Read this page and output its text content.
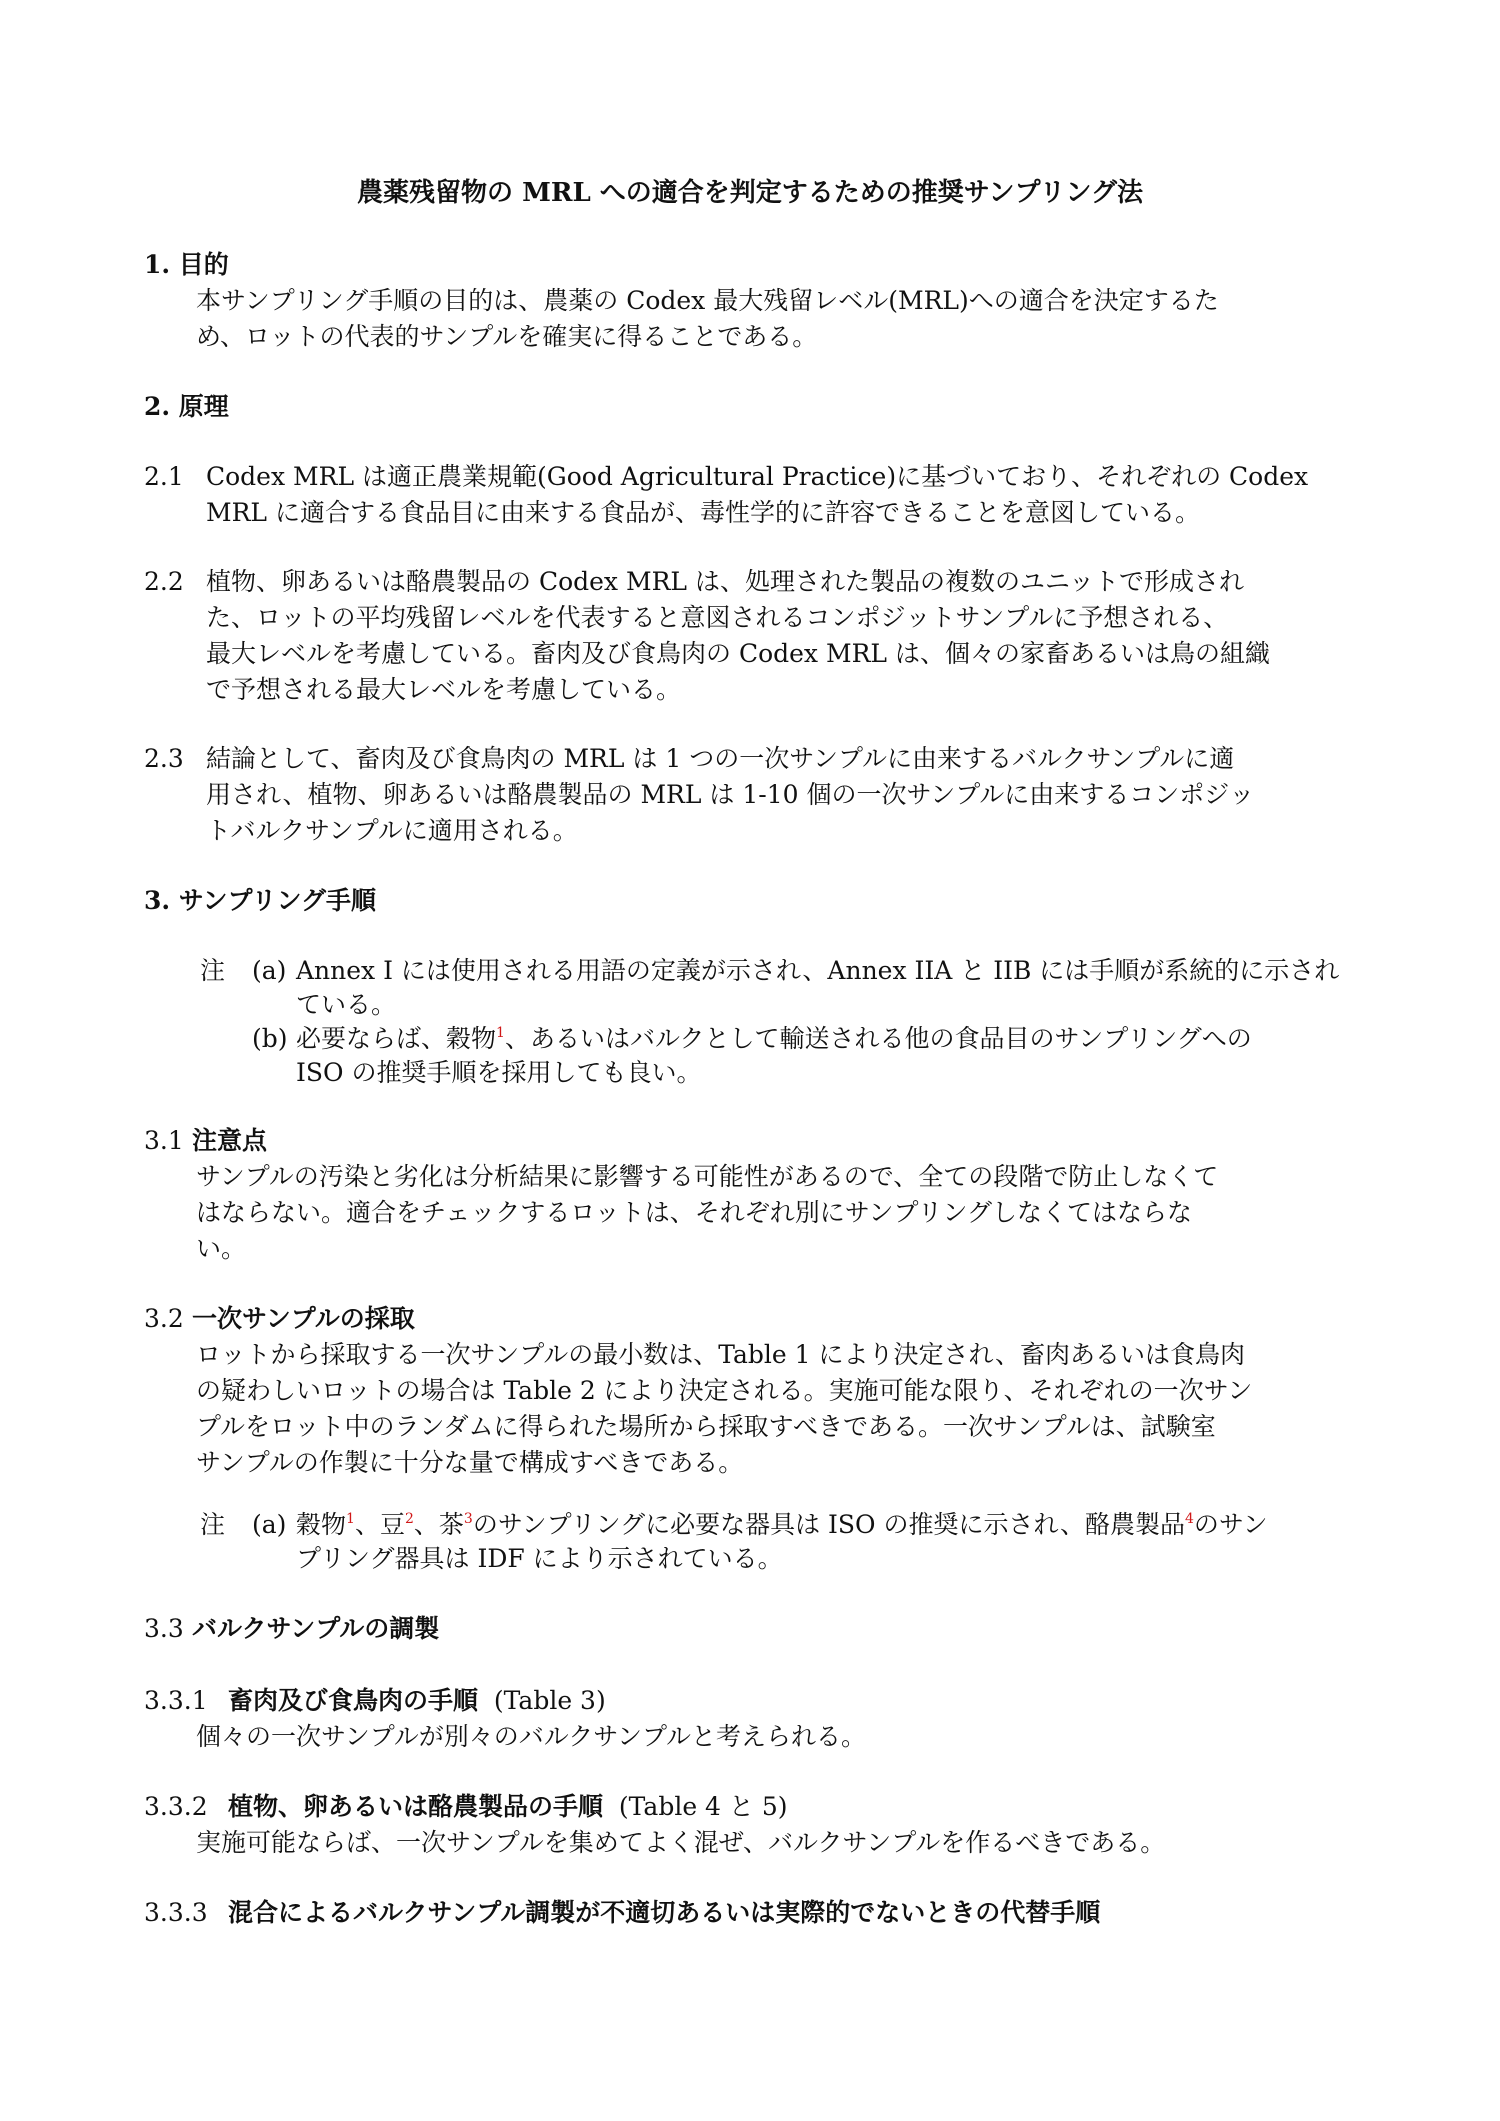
農薬残留物の MRL への適合を判定するための推奨サンプリング法
1. 目的
本サンプリング手順の目的は、農薬の Codex 最大残留レベル(MRL)への適合を決定するた
め、ロットの代表的サンプルを確実に得ることである。
2. 原理
2.1 Codex MRL は適正農業規範(Good Agricultural Practice)に基づいており、それぞれの Codex
MRL に適合する食品目に由来する食品が、毒性学的に許容できることを意図している。
2.2 植物、卵あるいは酪農製品の Codex MRL は、処理された製品の複数のユニットで形成され
た、ロットの平均残留レベルを代表すると意図されるコンポジットサンプルに予想される、
最大レベルを考慮している。畜肉及び食鳥肉の Codex MRL は、個々の家畜あるいは鳥の組織
で予想される最大レベルを考慮している。
2.3 結論として、畜肉及び食鳥肉の MRL は 1 つの一次サンプルに由来するバルクサンプルに適
用され、植物、卵あるいは酪農製品の MRL は 1-10 個の一次サンプルに由来するコンポジッ
トバルクサンプルに適用される。
3. サンプリング手順
注 (a) Annex I には使用される用語の定義が示され、Annex IIA と IIB には手順が系統的に示され
ている。
(b) 必要ならば、穀物$^1$、あるいはバルクとして輸送される他の食品目のサンプリングへの
ISO の推奨手順を採用しても良い。
3.1 注意点
サンプルの汚染と劣化は分析結果に影響する可能性があるので、全ての段階で防止しなくて
はならない。適合をチェックするロットは、それぞれ別にサンプリングしなくてはならな
い。
3.2 一次サンプルの採取
ロットから採取する一次サンプルの最小数は、Table 1 により決定され、畜肉あるいは食鳥肉
の疑わしいロットの場合は Table 2 により決定される。実施可能な限り、それぞれの一次サン
プルをロット中のランダムに得られた場所から採取すべきである。一次サンプルは、試験室
サンプルの作製に十分な量で構成すべきである。
注 (a) 穀物$^1$、豆$^2$、茶$^3$のサンプリングに必要な器具は ISO の推奨に示され、酪農製品$^4$のサン
プリング器具は IDF により示されている。
3.3 バルクサンプルの調製
3.3.1 畜肉及び食鳥肉の手順 (Table 3)
個々の一次サンプルが別々のバルクサンプルと考えられる。
3.3.2 植物、卵あるいは酪農製品の手順 (Table 4 と 5)
実施可能ならば、一次サンプルを集めてよく混ぜ、バルクサンプルを作るべきである。
3.3.3 混合によるバルクサンプル調製が不適切あるいは実際的でないときの代替手順
